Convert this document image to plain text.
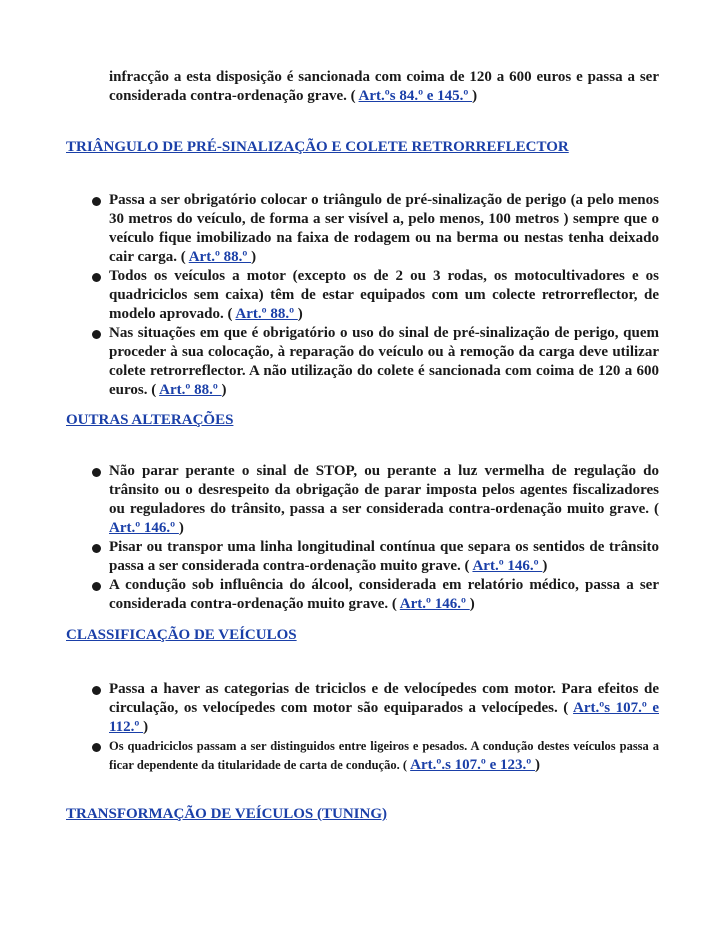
infracção a esta disposição é sancionada com coima de 120 a 600 euros e passa a ser considerada contra-ordenação grave. ( Art.ºs 84.º e 145.º )

TRIÂNGULO DE PRÉ-SINALIZAÇÃO E COLETE RETRORREFLECTOR

Passa a ser obrigatório colocar o triângulo de pré-sinalização de perigo (a pelo menos 30 metros do veículo, de forma a ser visível a, pelo menos, 100 metros ) sempre que o veículo fique imobilizado na faixa de rodagem ou na berma ou nestas tenha deixado cair carga. ( Art.º 88.º )
Todos os veículos a motor (excepto os de 2 ou 3 rodas, os motocultivadores e os quadriciclos sem caixa) têm de estar equipados com um colecte retrorreflector, de modelo aprovado. ( Art.º 88.º )
Nas situações em que é obrigatório o uso do sinal de pré-sinalização de perigo, quem proceder à sua colocação, à reparação do veículo ou à remoção da carga deve utilizar colete retrorreflector. A não utilização do colete é sancionada com coima de 120 a 600 euros. ( Art.º 88.º )

OUTRAS ALTERAÇÕES

Não parar perante o sinal de STOP, ou perante a luz vermelha de regulação do trânsito ou o desrespeito da obrigação de parar imposta pelos agentes fiscalizadores ou reguladores do trânsito, passa a ser considerada contra-ordenação muito grave. ( Art.º 146.º )
Pisar ou transpor uma linha longitudinal contínua que separa os sentidos de trânsito passa a ser considerada contra-ordenação muito grave. ( Art.º 146.º )
A condução sob influência do álcool, considerada em relatório médico, passa a ser considerada contra-ordenação muito grave. ( Art.º 146.º )

CLASSIFICAÇÃO DE VEÍCULOS

Passa a haver as categorias de triciclos e de velocípedes com motor. Para efeitos de circulação, os velocípedes com motor são equiparados a velocípedes. ( Art.ºs 107.º e 112.º )
Os quadriciclos passam a ser distinguidos entre ligeiros e pesados. A condução destes veículos passa a ficar dependente da titularidade de carta de condução. ( Art.º.s 107.º e 123.º )

TRANSFORMAÇÃO DE VEÍCULOS (TUNING)
